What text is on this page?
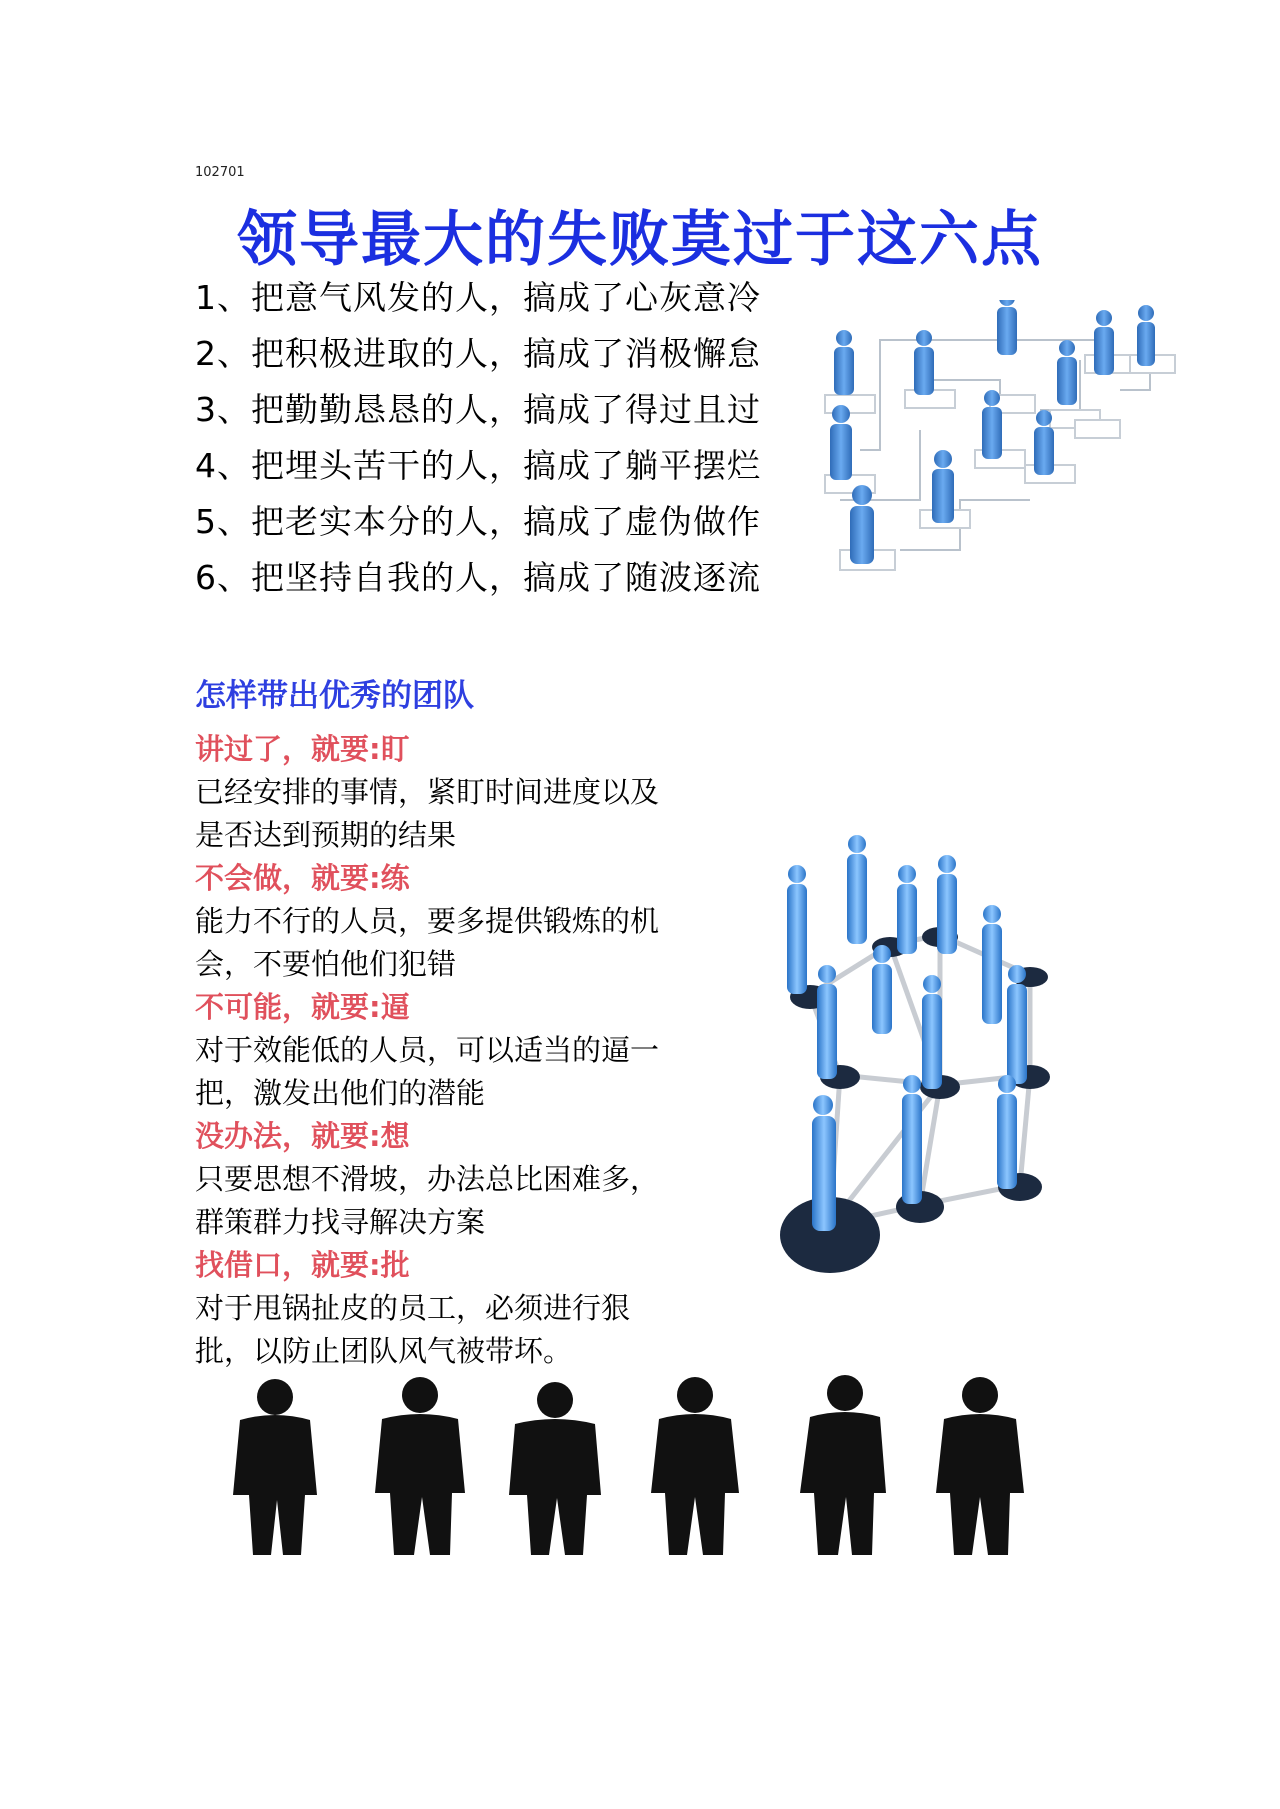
102701
领导最大的失败莫过于这六点
1、把意气风发的人，搞成了心灰意冷
2、把积极进取的人，搞成了消极懈怠
3、把勤勤恳恳的人，搞成了得过且过
4、把埋头苦干的人，搞成了躺平摆烂
5、把老实本分的人，搞成了虚伪做作
6、把坚持自我的人，搞成了随波逐流
怎样带出优秀的团队
讲过了，就要:盯
已经安排的事情，紧盯时间进度以及是否达到预期的结果
不会做，就要:练
能力不行的人员，要多提供锻炼的机会，不要怕他们犯错
不可能，就要:逼
对于效能低的人员，可以适当的逼一把，激发出他们的潜能
没办法，就要:想
只要思想不滑坡，办法总比困难多，群策群力找寻解决方案
找借口，就要:批
对于甩锅扯皮的员工，必须进行狠批，以防止团队风气被带坏。
